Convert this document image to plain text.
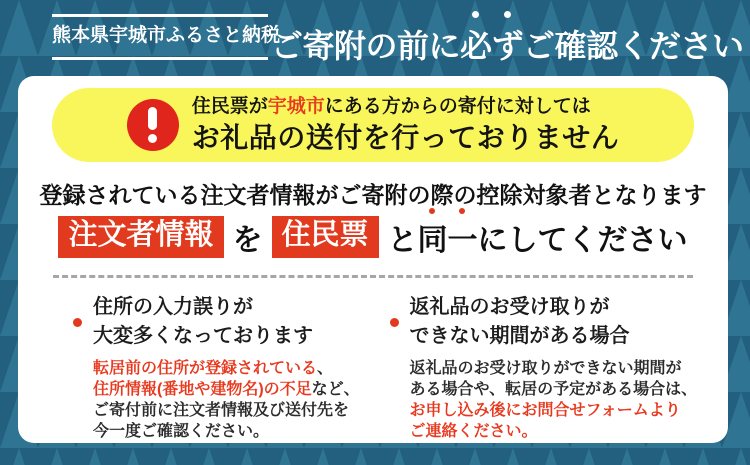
熊本県宇城市ふるさと納税
ご寄附の前に必ずご確認ください
住民票が宇城市にある方からの寄付に対しては
お礼品の送付を行っておりません
登録されている注文者情報がご寄附の際の控除対象者となります
注文者情報 を 住民票 と同一にしてください
住所の入力誤りが
大変多くなっております
転居前の住所が登録されている、
住所情報(番地や建物名)の不足など、
ご寄付前に注文者情報及び送付先を
今一度ご確認ください。
返礼品のお受け取りが
できない期間がある場合
返礼品のお受け取りができない期間が
ある場合や、転居の予定がある場合は、
お申し込み後にお問合せフォームより
ご連絡ください。
